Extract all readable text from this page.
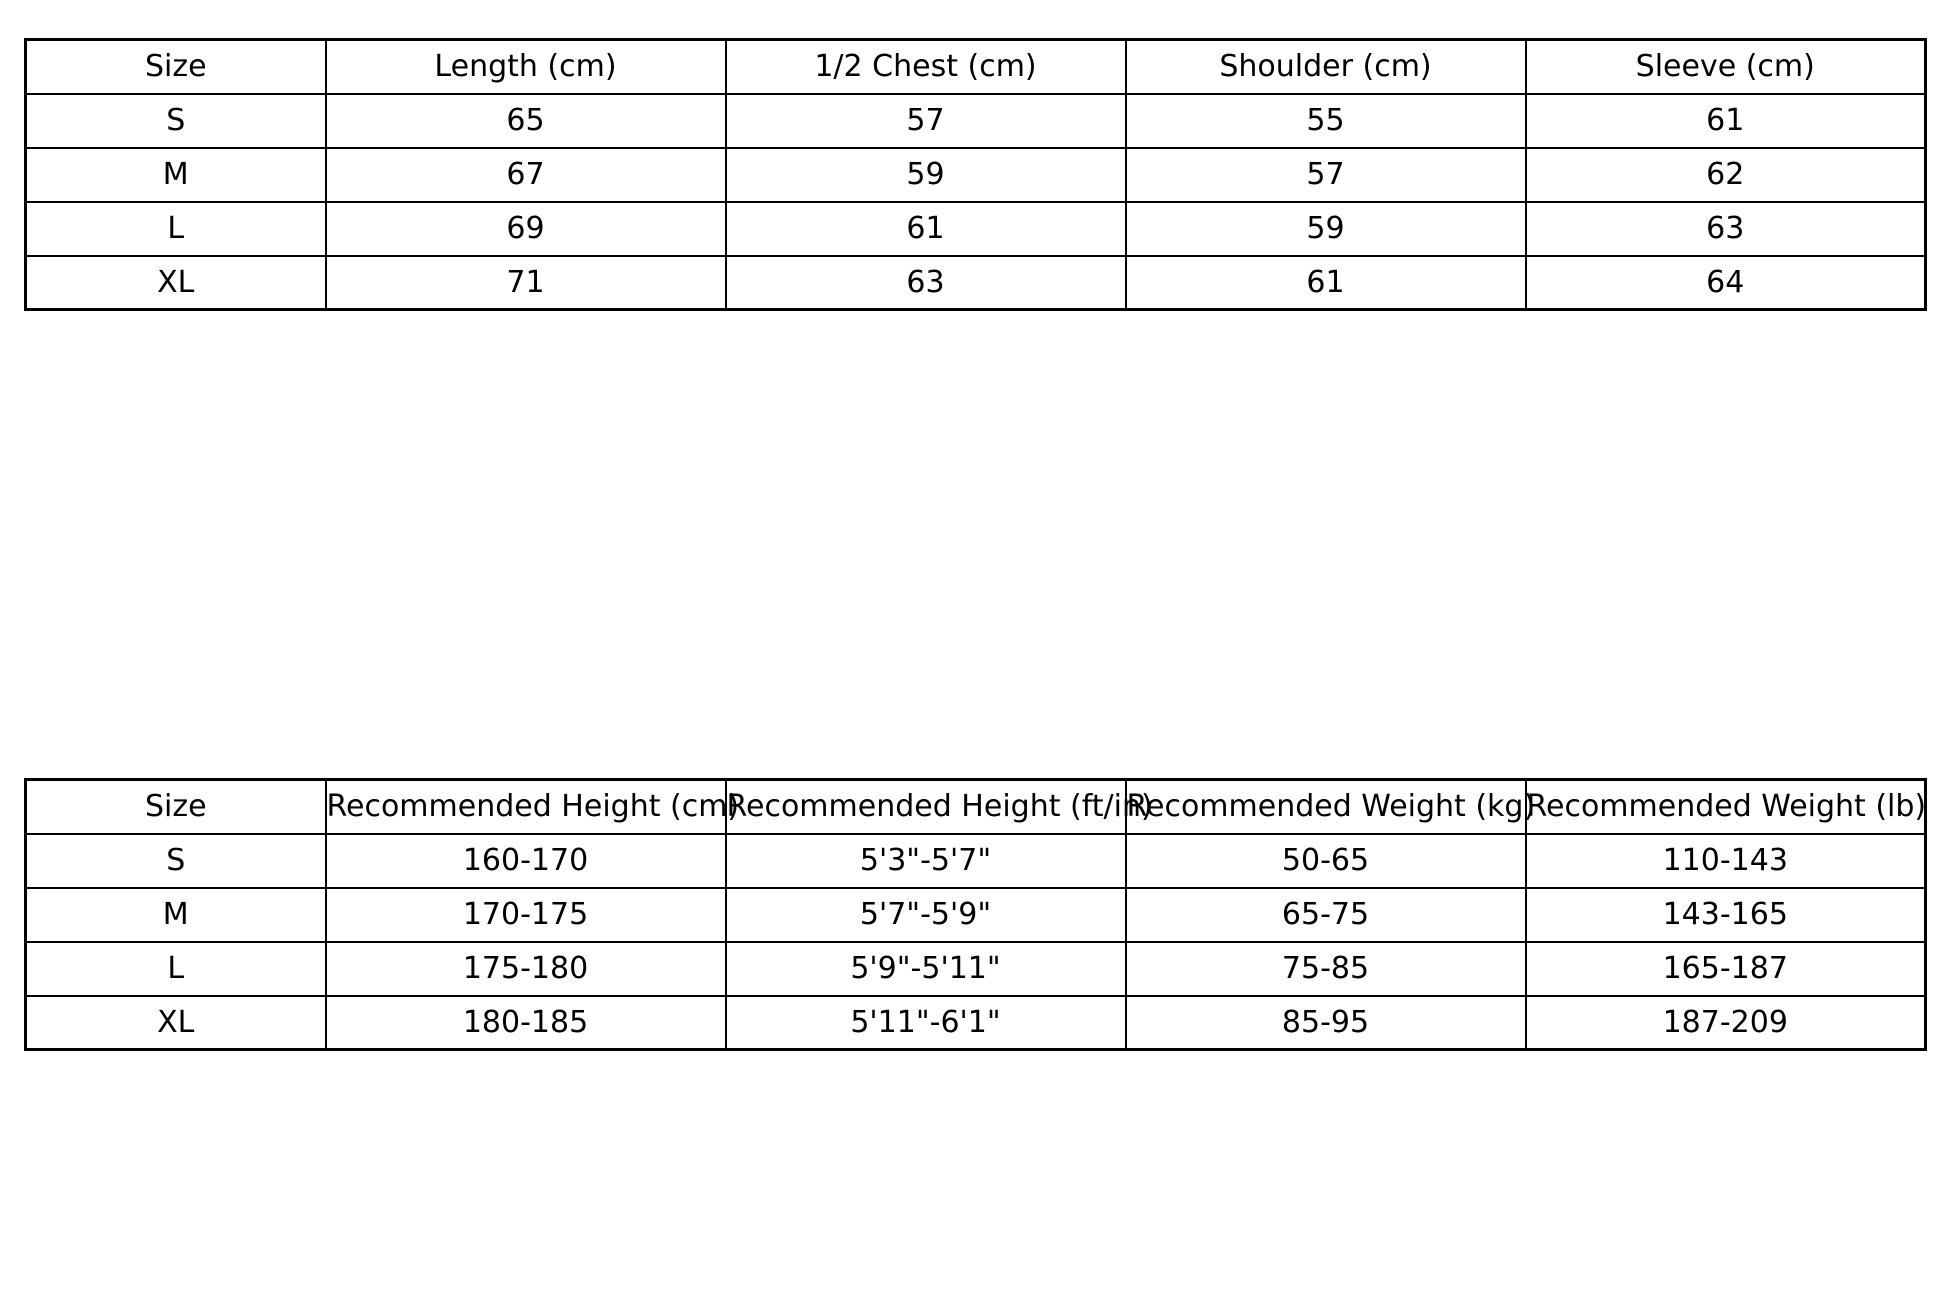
Size	Length (cm)	1/2 Chest (cm)	Shoulder (cm)	Sleeve (cm)
S	65	57	55	61
M	67	59	57	62
L	69	61	59	63
XL	71	63	61	64
Size	Recommended Height (cm)	Recommended Height (ft/in)	Recommended Weight (kg)	Recommended Weight (lb)
S	160-170	5'3"-5'7"	50-65	110-143
M	170-175	5'7"-5'9"	65-75	143-165
L	175-180	5'9"-5'11"	75-85	165-187
XL	180-185	5'11"-6'1"	85-95	187-209
